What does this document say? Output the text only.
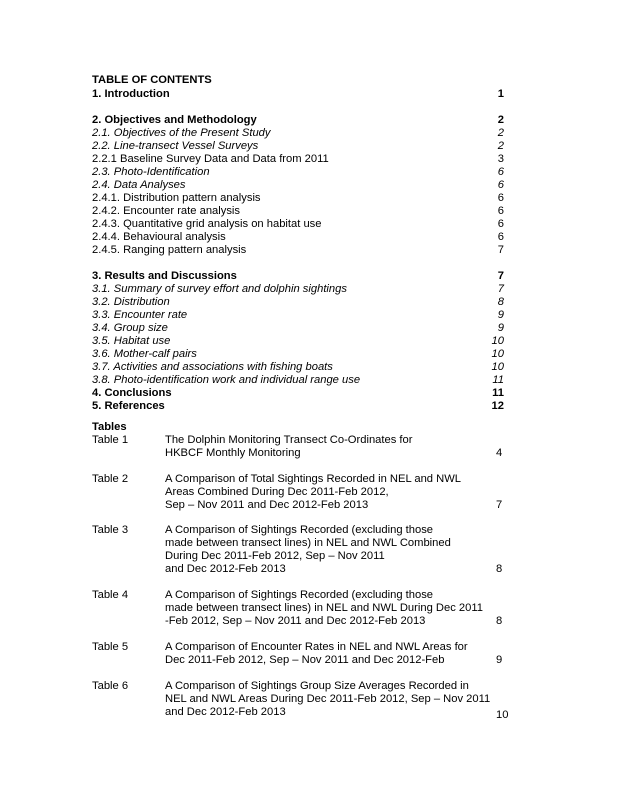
TABLE OF CONTENTS
1. Introduction	1
2. Objectives and Methodology	2
2.1. Objectives of the Present Study	2
2.2. Line-transect Vessel Surveys	2
2.2.1 Baseline Survey Data and Data from 2011	3
2.3. Photo-Identification	6
2.4. Data Analyses	6
2.4.1. Distribution pattern analysis	6
2.4.2. Encounter rate analysis	6
2.4.3. Quantitative grid analysis on habitat use	6
2.4.4. Behavioural analysis	6
2.4.5. Ranging pattern analysis	7
3. Results and Discussions	7
3.1. Summary of survey effort and dolphin sightings	7
3.2. Distribution	8
3.3. Encounter rate	9
3.4. Group size	9
3.5. Habitat use	10
3.6. Mother-calf pairs	10
3.7. Activities and associations with fishing boats	10
3.8. Photo-identification work and individual range use	11
4. Conclusions	11
5. References	12
Tables
Table 1	The Dolphin Monitoring Transect Co-Ordinates for
HKBCF Monthly Monitoring	4
Table 2	A Comparison of Total Sightings Recorded in NEL and NWL
Areas Combined During Dec 2011-Feb 2012,
Sep – Nov 2011 and Dec 2012-Feb 2013	7
Table 3	A Comparison of Sightings Recorded (excluding those
made between transect lines) in NEL and NWL Combined
During Dec 2011-Feb 2012, Sep – Nov 2011
and Dec 2012-Feb 2013	8
Table 4	A Comparison of Sightings Recorded (excluding those
made between transect lines) in NEL and NWL During Dec 2011
-Feb 2012, Sep – Nov 2011 and Dec 2012-Feb 2013	8
Table 5	A Comparison of Encounter Rates in NEL and NWL Areas for
Dec 2011-Feb 2012, Sep – Nov 2011 and Dec 2012-Feb	9
Table 6	A Comparison of Sightings Group Size Averages Recorded in
NEL and NWL Areas During Dec 2011-Feb 2012, Sep – Nov 2011
and Dec 2012-Feb 2013	10
